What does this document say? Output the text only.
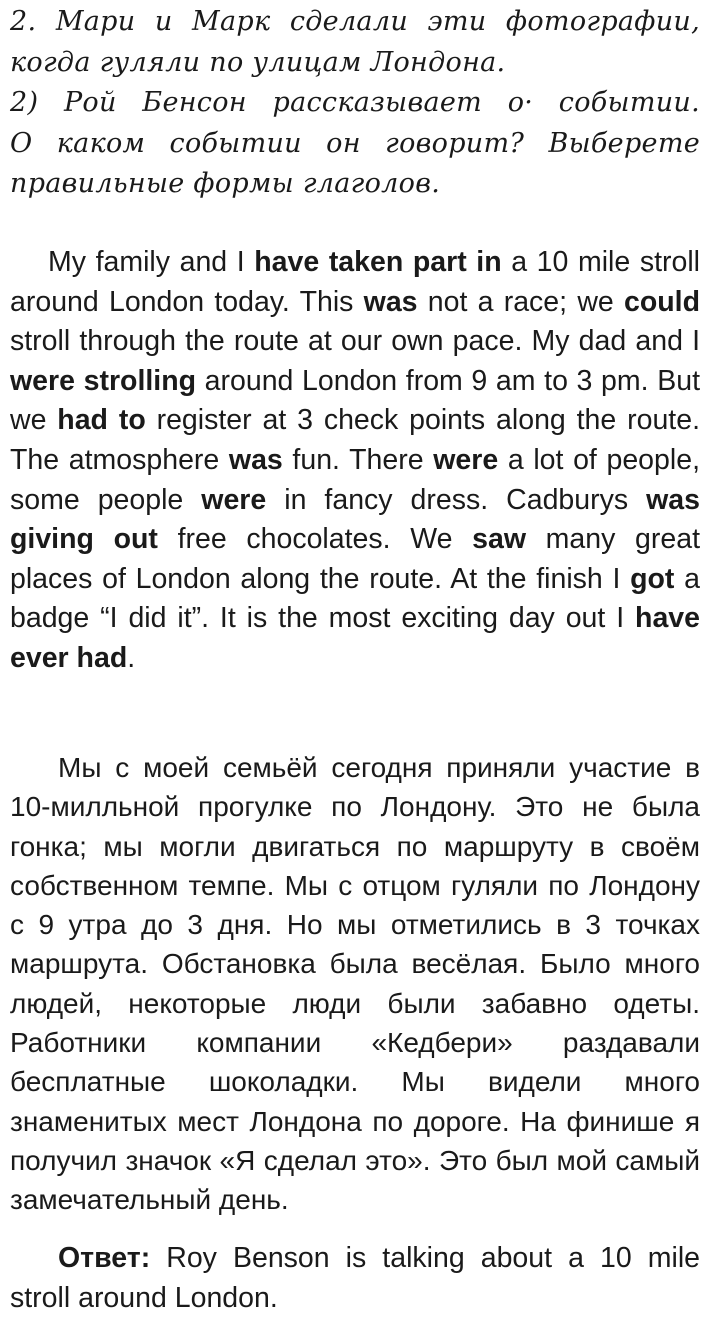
2. Мари и Марк сделали эти фотографии,
когда гуляли по улицам Лондона.
2) Рой Бенсон рассказывает о· событии.
О каком событии он говорит? Выберете
правильные формы глаголов.

My family and I have taken part in a 10 mile stroll around London today. This was not a race; we could stroll through the route at our own pace. My dad and I were strolling around London from 9 am to 3 pm. But we had to register at 3 check points along the route. The atmosphere was fun. There were a lot of people, some people were in fancy dress. Cadburys was giving out free chocolates. We saw many great places of London along the route. At the finish I got a badge “I did it”. It is the most exciting day out I have ever had.

Мы с моей семьёй сегодня приняли участие в 10-милльной прогулке по Лондону. Это не была гонка; мы могли двигаться по маршруту в своём собственном темпе. Мы с отцом гуляли по Лондону с 9 утра до 3 дня. Но мы отметились в 3 точках маршрута. Обстановка была весёлая. Было много людей, некоторые люди были забавно одеты. Работники компании «Кедбери» раздавали бесплатные шоколадки. Мы видели много знаменитых мест Лондона по дороге. На финише я получил значок «Я сделал это». Это был мой самый замечательный день.

Ответ: Roy Benson is talking about a 10 mile stroll around London.
